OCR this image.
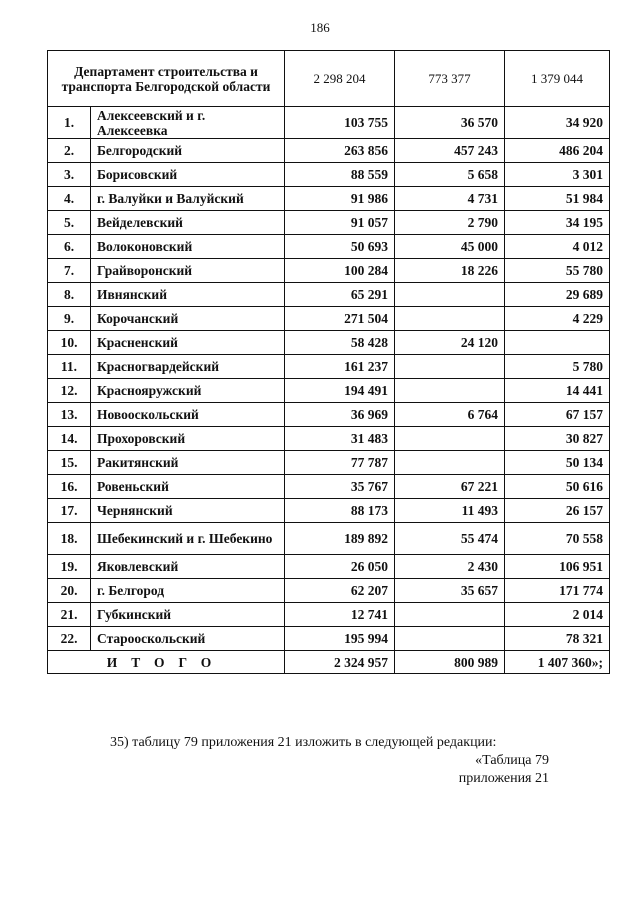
186
Департамент строительства и транспорта Белгородской области		2 298 204	773 377	1 379 044
1.	Алексеевский и г. Алексеевка	103 755	36 570	34 920
2.	Белгородский	263 856	457 243	486 204
3.	Борисовский	88 559	5 658	3 301
4.	г. Валуйки и Валуйский	91 986	4 731	51 984
5.	Вейделевский	91 057	2 790	34 195
6.	Волоконовский	50 693	45 000	4 012
7.	Грайворонский	100 284	18 226	55 780
8.	Ивнянский	65 291		29 689
9.	Корочанский	271 504		4 229
10.	Красненский	58 428	24 120	
11.	Красногвардейский	161 237		5 780
12.	Краснояружский	194 491		14 441
13.	Новооскольский	36 969	6 764	67 157
14.	Прохоровский	31 483		30 827
15.	Ракитянский	77 787		50 134
16.	Ровеньский	35 767	67 221	50 616
17.	Чернянский	88 173	11 493	26 157
18.	Шебекинский и г. Шебекино	189 892	55 474	70 558
19.	Яковлевский	26 050	2 430	106 951
20.	г. Белгород	62 207	35 657	171 774
21.	Губкинский	12 741		2 014
22.	Старооскольский	195 994		78 321
ИТОГО		2 324 957	800 989	1 407 360»;
35) таблицу 79 приложения 21 изложить в следующей редакции:
«Таблица 79
приложения 21
